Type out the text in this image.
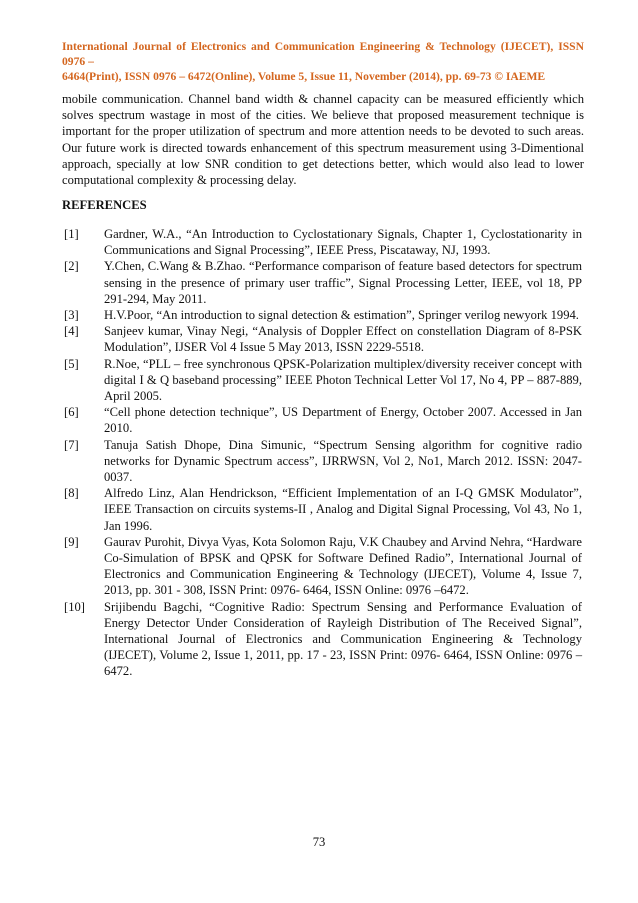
International Journal of Electronics and Communication Engineering & Technology (IJECET), ISSN 0976 –
6464(Print), ISSN 0976 – 6472(Online), Volume 5, Issue 11, November (2014), pp. 69-73 © IAEME
mobile communication. Channel band width & channel capacity can be measured efficiently which solves spectrum wastage in most of the cities. We believe that proposed measurement technique is important for the proper utilization of spectrum and more attention needs to be devoted to such areas. Our future work is directed towards enhancement of this spectrum measurement using 3-Dimentional approach, specially at low SNR condition to get detections better, which would also lead to lower computational complexity & processing delay.
REFERENCES
[1]	Gardner, W.A., “An Introduction to Cyclostationary Signals, Chapter 1, Cyclostationarity in Communications and Signal Processing”, IEEE Press, Piscataway, NJ, 1993.
[2]	Y.Chen, C.Wang & B.Zhao. “Performance comparison of feature based detectors for spectrum sensing in the presence of primary user traffic”, Signal Processing Letter, IEEE, vol 18, PP 291-294, May 2011.
[3]	H.V.Poor, “An introduction to signal detection & estimation”, Springer verilog newyork 1994.
[4]	Sanjeev kumar, Vinay Negi, “Analysis of Doppler Effect on constellation Diagram of 8-PSK Modulation”, IJSER Vol 4 Issue 5 May 2013, ISSN 2229-5518.
[5]	R.Noe, “PLL – free synchronous QPSK-Polarization multiplex/diversity receiver concept with digital I & Q baseband processing” IEEE Photon Technical Letter Vol 17, No 4, PP – 887-889, April 2005.
[6]	“Cell phone detection technique”, US Department of Energy, October 2007. Accessed in Jan 2010.
[7]	Tanuja Satish Dhope, Dina Simunic, “Spectrum Sensing algorithm for cognitive radio networks for Dynamic Spectrum access”, IJRRWSN, Vol 2, No1, March 2012. ISSN: 2047-0037.
[8]	Alfredo Linz, Alan Hendrickson, “Efficient Implementation of an I-Q GMSK Modulator”, IEEE Transaction on circuits systems-II , Analog and Digital Signal Processing, Vol 43, No 1, Jan 1996.
[9]	Gaurav Purohit, Divya Vyas, Kota Solomon Raju, V.K Chaubey and Arvind Nehra, “Hardware Co-Simulation of BPSK and QPSK for Software Defined Radio”, International Journal of Electronics and Communication Engineering & Technology (IJECET), Volume 4, Issue 7, 2013, pp. 301 - 308, ISSN Print: 0976- 6464, ISSN Online: 0976 –6472.
[10]	Srijibendu Bagchi, “Cognitive Radio: Spectrum Sensing and Performance Evaluation of Energy Detector Under Consideration of Rayleigh Distribution of The Received Signal”, International Journal of Electronics and Communication Engineering & Technology (IJECET), Volume 2, Issue 1, 2011, pp. 17 - 23, ISSN Print: 0976- 6464, ISSN Online: 0976 –6472.
73
